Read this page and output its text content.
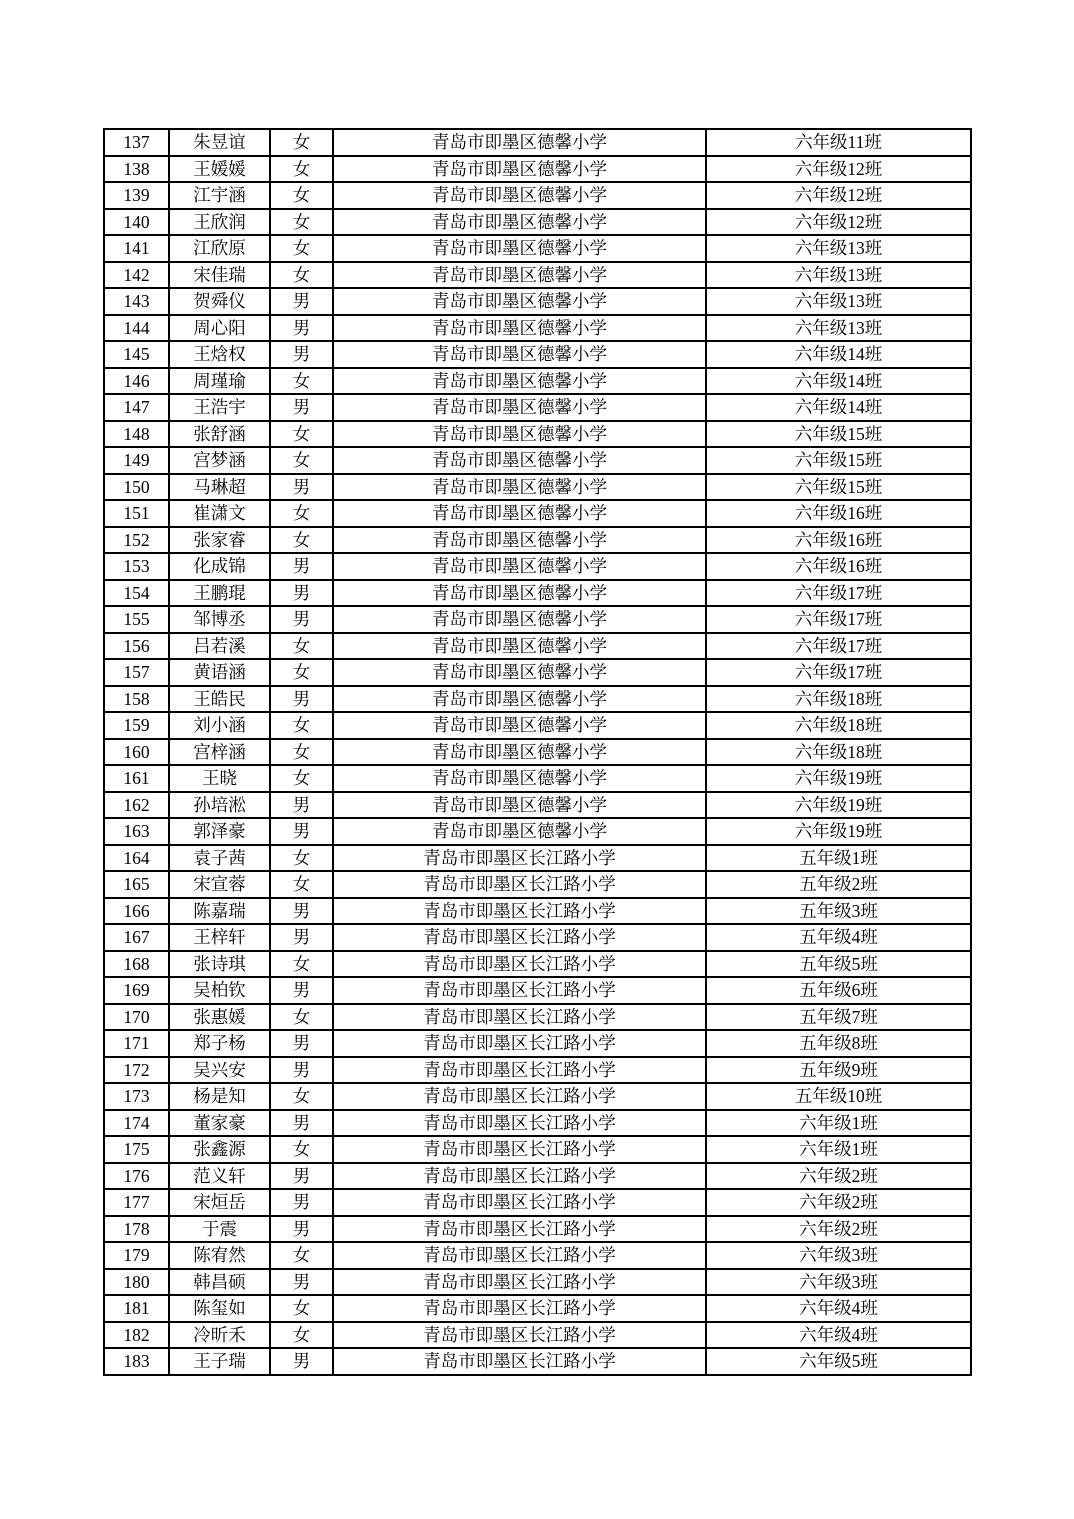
137	朱昱谊	女	青岛市即墨区德馨小学	六年级11班
138	王媛媛	女	青岛市即墨区德馨小学	六年级12班
139	江宇涵	女	青岛市即墨区德馨小学	六年级12班
140	王欣润	女	青岛市即墨区德馨小学	六年级12班
141	江欣原	女	青岛市即墨区德馨小学	六年级13班
142	宋佳瑞	女	青岛市即墨区德馨小学	六年级13班
143	贺舜仪	男	青岛市即墨区德馨小学	六年级13班
144	周心阳	男	青岛市即墨区德馨小学	六年级13班
145	王焓权	男	青岛市即墨区德馨小学	六年级14班
146	周瑾瑜	女	青岛市即墨区德馨小学	六年级14班
147	王浩宇	男	青岛市即墨区德馨小学	六年级14班
148	张舒涵	女	青岛市即墨区德馨小学	六年级15班
149	宫梦涵	女	青岛市即墨区德馨小学	六年级15班
150	马琳超	男	青岛市即墨区德馨小学	六年级15班
151	崔潇文	女	青岛市即墨区德馨小学	六年级16班
152	张家睿	女	青岛市即墨区德馨小学	六年级16班
153	化成锦	男	青岛市即墨区德馨小学	六年级16班
154	王鹏琨	男	青岛市即墨区德馨小学	六年级17班
155	邹博丞	男	青岛市即墨区德馨小学	六年级17班
156	吕若溪	女	青岛市即墨区德馨小学	六年级17班
157	黄语涵	女	青岛市即墨区德馨小学	六年级17班
158	王皓民	男	青岛市即墨区德馨小学	六年级18班
159	刘小涵	女	青岛市即墨区德馨小学	六年级18班
160	宫梓涵	女	青岛市即墨区德馨小学	六年级18班
161	王晓	女	青岛市即墨区德馨小学	六年级19班
162	孙培淞	男	青岛市即墨区德馨小学	六年级19班
163	郭泽豪	男	青岛市即墨区德馨小学	六年级19班
164	袁子茜	女	青岛市即墨区长江路小学	五年级1班
165	宋宣蓉	女	青岛市即墨区长江路小学	五年级2班
166	陈嘉瑞	男	青岛市即墨区长江路小学	五年级3班
167	王梓轩	男	青岛市即墨区长江路小学	五年级4班
168	张诗琪	女	青岛市即墨区长江路小学	五年级5班
169	吴柏钦	男	青岛市即墨区长江路小学	五年级6班
170	张惠媛	女	青岛市即墨区长江路小学	五年级7班
171	郑子杨	男	青岛市即墨区长江路小学	五年级8班
172	吴兴安	男	青岛市即墨区长江路小学	五年级9班
173	杨是知	女	青岛市即墨区长江路小学	五年级10班
174	董家豪	男	青岛市即墨区长江路小学	六年级1班
175	张鑫源	女	青岛市即墨区长江路小学	六年级1班
176	范义轩	男	青岛市即墨区长江路小学	六年级2班
177	宋烜岳	男	青岛市即墨区长江路小学	六年级2班
178	于震	男	青岛市即墨区长江路小学	六年级2班
179	陈宥然	女	青岛市即墨区长江路小学	六年级3班
180	韩昌硕	男	青岛市即墨区长江路小学	六年级3班
181	陈玺如	女	青岛市即墨区长江路小学	六年级4班
182	冷昕禾	女	青岛市即墨区长江路小学	六年级4班
183	王子瑞	男	青岛市即墨区长江路小学	六年级5班
